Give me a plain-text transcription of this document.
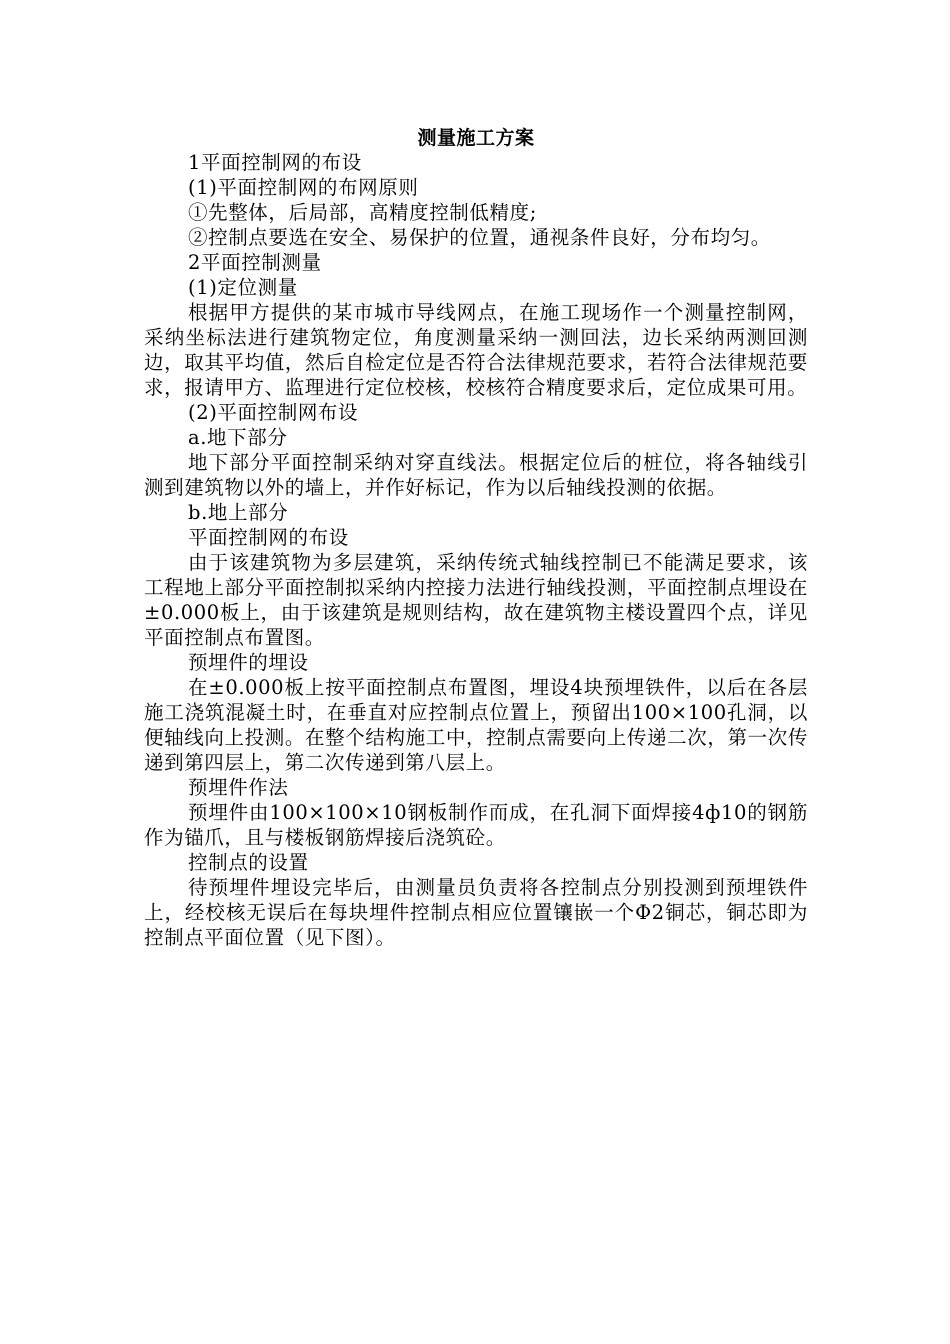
测量施工方案

1平面控制网的布设

(1)平面控制网的布网原则

①先整体，后局部，高精度控制低精度;

②控制点要选在安全、易保护的位置，通视条件良好，分布均匀。

2平面控制测量

(1)定位测量

根据甲方提供的某市城市导线网点，在施工现场作一个测量控制网，采纳坐标法进行建筑物定位，角度测量采纳一测回法，边长采纳两测回测边，取其平均值，然后自检定位是否符合法律规范要求，若符合法律规范要求，报请甲方、监理进行定位校核，校核符合精度要求后，定位成果可用。

(2)平面控制网布设

a.地下部分

地下部分平面控制采纳对穿直线法。根据定位后的桩位，将各轴线引测到建筑物以外的墙上，并作好标记，作为以后轴线投测的依据。

b.地上部分

平面控制网的布设

由于该建筑物为多层建筑，采纳传统式轴线控制已不能满足要求，该工程地上部分平面控制拟采纳内控接力法进行轴线投测，平面控制点埋设在±0.000板上，由于该建筑是规则结构，故在建筑物主楼设置四个点，详见平面控制点布置图。

预埋件的埋设

在±0.000板上按平面控制点布置图，埋设4块预埋铁件，以后在各层施工浇筑混凝土时，在垂直对应控制点位置上，预留出100×100孔洞，以便轴线向上投测。在整个结构施工中，控制点需要向上传递二次，第一次传递到第四层上，第二次传递到第八层上。

预埋件作法

预埋件由100×100×10钢板制作而成，在孔洞下面焊接4ф10的钢筋作为锚爪，且与楼板钢筋焊接后浇筑砼。

控制点的设置

待预埋件埋设完毕后，由测量员负责将各控制点分别投测到预埋铁件上，经校核无误后在每块埋件控制点相应位置镶嵌一个Φ2铜芯，铜芯即为控制点平面位置（见下图）。
